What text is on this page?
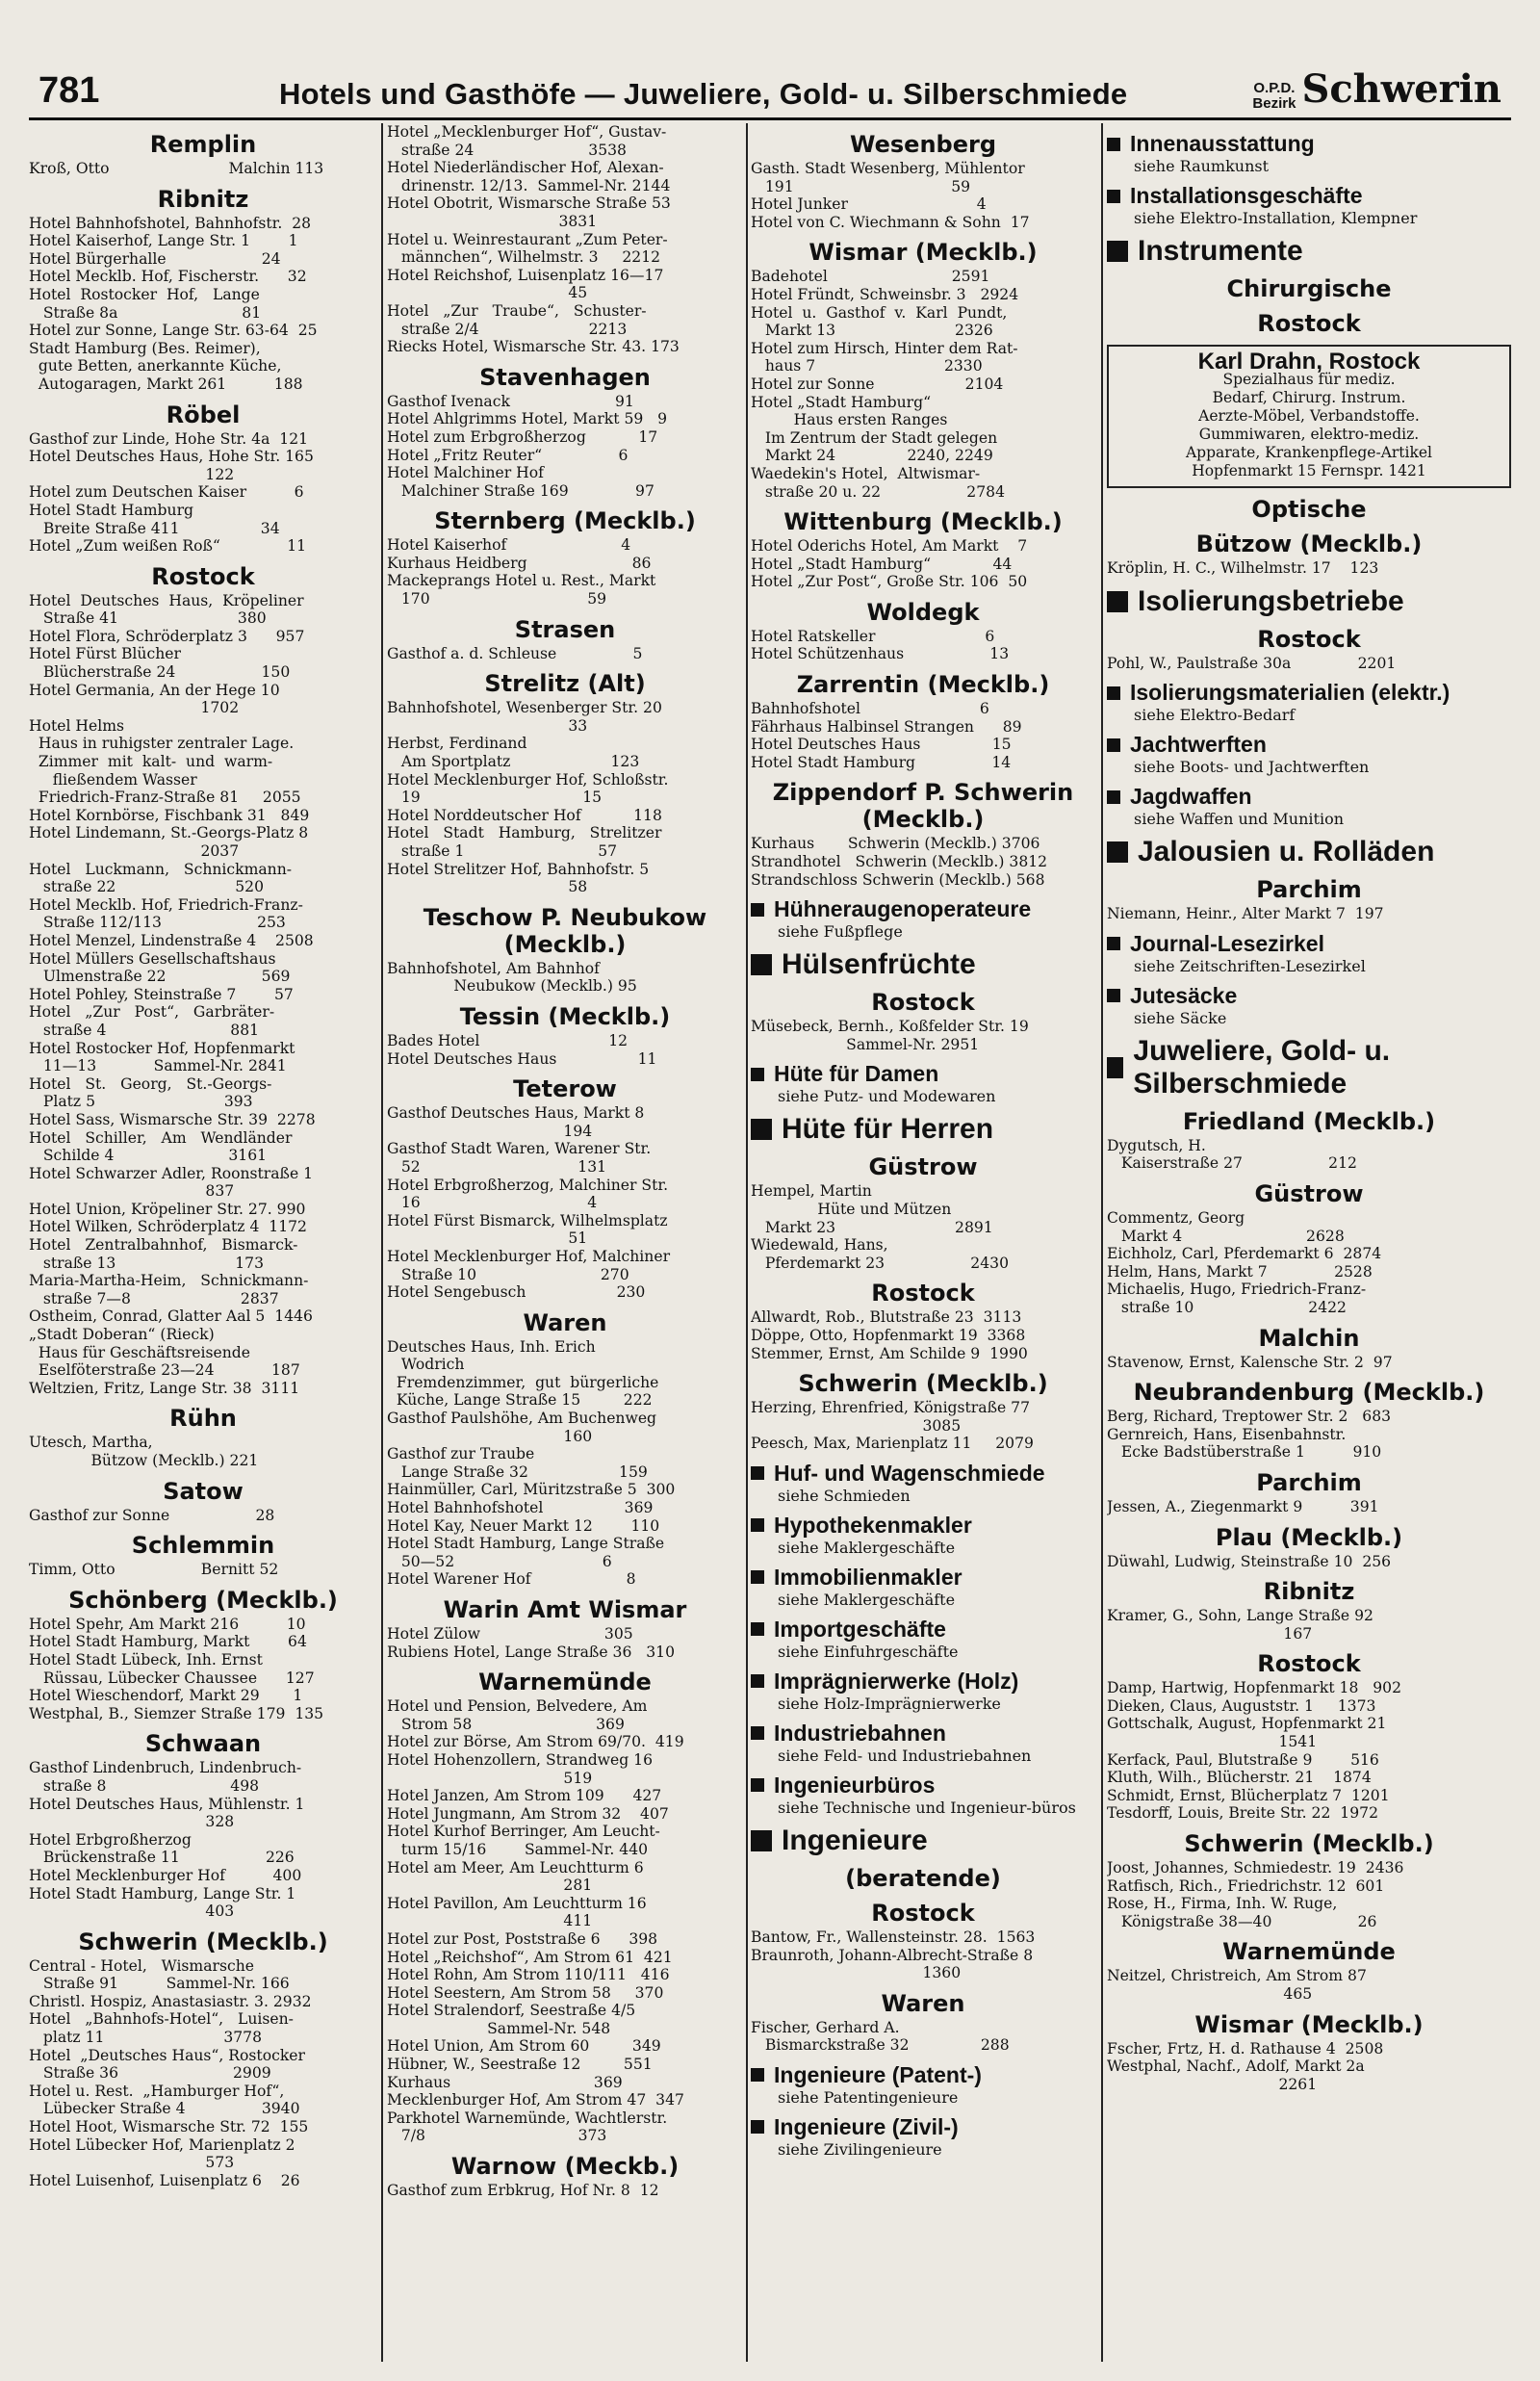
781	Hotels und Gasthöfe — Juweliere, Gold- u. Silberschmiede	O.P.D.
Bezirk Schwerin
Remplin
Kroß, Otto                         Malchin 113
Ribnitz
Hotel Bahnhofshotel, Bahnhofstr.  28
Hotel Kaiserhof, Lange Str. 1        1
Hotel Bürgerhalle                    24
Hotel Mecklb. Hof, Fischerstr.      32
Hotel  Rostocker  Hof,   Lange
Straße 8a                          81
Hotel zur Sonne, Lange Str. 63-64  25
Stadt Hamburg (Bes. Reimer),
gute Betten, anerkannte Küche,
Autogaragen, Markt 261          188
Röbel
Gasthof zur Linde, Hohe Str. 4a  121
Hotel Deutsches Haus, Hohe Str. 165
122
Hotel zum Deutschen Kaiser          6
Hotel Stadt Hamburg
Breite Straße 411                 34
Hotel „Zum weißen Roß“              11
Rostock
Hotel  Deutsches  Haus,  Kröpeliner
Straße 41                         380
Hotel Flora, Schröderplatz 3      957
Hotel Fürst Blücher
Blücherstraße 24                  150
Hotel Germania, An der Hege 10
1702
Hotel Helms
Haus in ruhigster zentraler Lage.
Zimmer  mit  kalt-  und  warm-
fließendem Wasser
Friedrich-Franz-Straße 81     2055
Hotel Kornbörse, Fischbank 31   849
Hotel Lindemann, St.-Georgs-Platz 8
2037
Hotel   Luckmann,   Schnickmann-
straße 22                         520
Hotel Mecklb. Hof, Friedrich-Franz-
Straße 112/113                    253
Hotel Menzel, Lindenstraße 4    2508
Hotel Müllers Gesellschaftshaus
Ulmenstraße 22                    569
Hotel Pohley, Steinstraße 7        57
Hotel   „Zur   Post“,   Garbräter-
straße 4                          881
Hotel Rostocker Hof, Hopfenmarkt
11—13            Sammel-Nr. 2841
Hotel   St.   Georg,   St.-Georgs-
Platz 5                           393
Hotel Sass, Wismarsche Str. 39  2278
Hotel   Schiller,   Am   Wendländer
Schilde 4                        3161
Hotel Schwarzer Adler, Roonstraße 1
837
Hotel Union, Kröpeliner Str. 27. 990
Hotel Wilken, Schröderplatz 4  1172
Hotel   Zentralbahnhof,   Bismarck-
straße 13                         173
Maria-Martha-Heim,   Schnickmann-
straße 7—8                       2837
Ostheim, Conrad, Glatter Aal 5  1446
„Stadt Doberan“ (Rieck)
Haus für Geschäftsreisende
Eselföterstraße 23—24            187
Weltzien, Fritz, Lange Str. 38  3111
Rühn
Utesch, Martha,
Bützow (Mecklb.) 221
Satow
Gasthof zur Sonne                  28
Schlemmin
Timm, Otto                  Bernitt 52
Schönberg (Mecklb.)
Hotel Spehr, Am Markt 216          10
Hotel Stadt Hamburg, Markt        64
Hotel Stadt Lübeck, Inh. Ernst
Rüssau, Lübecker Chaussee      127
Hotel Wieschendorf, Markt 29       1
Westphal, B., Siemzer Straße 179  135
Schwaan
Gasthof Lindenbruch, Lindenbruch-
straße 8                          498
Hotel Deutsches Haus, Mühlenstr. 1
328
Hotel Erbgroßherzog
Brückenstraße 11                  226
Hotel Mecklenburger Hof          400
Hotel Stadt Hamburg, Lange Str. 1
403
Schwerin (Mecklb.)
Central - Hotel,   Wismarsche
Straße 91          Sammel-Nr. 166
Christl. Hospiz, Anastasiastr. 3. 2932
Hotel   „Bahnhofs-Hotel“,   Luisen-
platz 11                         3778
Hotel  „Deutsches Haus“, Rostocker
Straße 36                        2909
Hotel u. Rest.  „Hamburger Hof“,
Lübecker Straße 4                3940
Hotel Hoot, Wismarsche Str. 72  155
Hotel Lübecker Hof, Marienplatz 2
573
Hotel Luisenhof, Luisenplatz 6    26
Hotel „Mecklenburger Hof“, Gustav-
straße 24                        3538
Hotel Niederländischer Hof, Alexan-
drinenstr. 12/13.  Sammel-Nr. 2144
Hotel Obotrit, Wismarsche Straße 53
3831
Hotel u. Weinrestaurant „Zum Peter-
männchen“, Wilhelmstr. 3     2212
Hotel Reichshof, Luisenplatz 16—17
45
Hotel   „Zur   Traube“,   Schuster-
straße 2/4                       2213
Riecks Hotel, Wismarsche Str. 43. 173
Stavenhagen
Gasthof Ivenack                      91
Hotel Ahlgrimms Hotel, Markt 59   9
Hotel zum Erbgroßherzog           17
Hotel „Fritz Reuter“                6
Hotel Malchiner Hof
Malchiner Straße 169              97
Sternberg (Mecklb.)
Hotel Kaiserhof                        4
Kurhaus Heidberg                      86
Mackeprangs Hotel u. Rest., Markt
170                                 59
Strasen
Gasthof a. d. Schleuse                5
Strelitz (Alt)
Bahnhofshotel, Wesenberger Str. 20
33
Herbst, Ferdinand
Am Sportplatz                     123
Hotel Mecklenburger Hof, Schloßstr.
19                                  15
Hotel Norddeutscher Hof           118
Hotel   Stadt   Hamburg,   Strelitzer
straße 1                            57
Hotel Strelitzer Hof, Bahnhofstr. 5
58
Teschow P. Neubukow (Mecklb.)
Bahnhofshotel, Am Bahnhof
Neubukow (Mecklb.) 95
Tessin (Mecklb.)
Bades Hotel                           12
Hotel Deutsches Haus                 11
Teterow
Gasthof Deutsches Haus, Markt 8
194
Gasthof Stadt Waren, Warener Str.
52                                 131
Hotel Erbgroßherzog, Malchiner Str.
16                                   4
Hotel Fürst Bismarck, Wilhelmsplatz
51
Hotel Mecklenburger Hof, Malchiner
Straße 10                          270
Hotel Sengebusch                   230
Waren
Deutsches Haus, Inh. Erich
Wodrich
Fremdenzimmer,  gut  bürgerliche
Küche, Lange Straße 15         222
Gasthof Paulshöhe, Am Buchenweg
160
Gasthof zur Traube
Lange Straße 32                   159
Hainmüller, Carl, Müritzstraße 5  300
Hotel Bahnhofshotel                 369
Hotel Kay, Neuer Markt 12        110
Hotel Stadt Hamburg, Lange Straße
50—52                               6
Hotel Warener Hof                    8
Warin Amt Wismar
Hotel Zülow                          305
Rubiens Hotel, Lange Straße 36   310
Warnemünde
Hotel und Pension, Belvedere, Am
Strom 58                          369
Hotel zur Börse, Am Strom 69/70.  419
Hotel Hohenzollern, Strandweg 16
519
Hotel Janzen, Am Strom 109      427
Hotel Jungmann, Am Strom 32    407
Hotel Kurhof Berringer, Am Leucht-
turm 15/16        Sammel-Nr. 440
Hotel am Meer, Am Leuchtturm 6
281
Hotel Pavillon, Am Leuchtturm 16
411
Hotel zur Post, Poststraße 6      398
Hotel „Reichshof“, Am Strom 61  421
Hotel Rohn, Am Strom 110/111   416
Hotel Seestern, Am Strom 58     370
Hotel Stralendorf, Seestraße 4/5
Sammel-Nr. 548
Hotel Union, Am Strom 60         349
Hübner, W., Seestraße 12         551
Kurhaus                              369
Mecklenburger Hof, Am Strom 47  347
Parkhotel Warnemünde, Wachtlerstr.
7/8                                373
Warnow (Meckb.)
Gasthof zum Erbkrug, Hof Nr. 8  12
Wesenberg
Gasth. Stadt Wesenberg, Mühlentor
191                                 59
Hotel Junker                           4
Hotel von C. Wiechmann & Sohn  17
Wismar (Mecklb.)
Badehotel                          2591
Hotel Fründt, Schweinsbr. 3   2924
Hotel  u.  Gasthof  v.  Karl  Pundt,
Markt 13                         2326
Hotel zum Hirsch, Hinter dem Rat-
haus 7                           2330
Hotel zur Sonne                   2104
Hotel „Stadt Hamburg“
Haus ersten Ranges
Im Zentrum der Stadt gelegen
Markt 24               2240, 2249
Waedekin's Hotel,  Altwismar-
straße 20 u. 22                  2784
Wittenburg (Mecklb.)
Hotel Oderichs Hotel, Am Markt    7
Hotel „Stadt Hamburg“             44
Hotel „Zur Post“, Große Str. 106  50
Woldegk
Hotel Ratskeller                       6
Hotel Schützenhaus                  13
Zarrentin (Mecklb.)
Bahnhofshotel                         6
Fährhaus Halbinsel Strangen      89
Hotel Deutsches Haus               15
Hotel Stadt Hamburg                14
Zippendorf P. Schwerin (Mecklb.)
Kurhaus       Schwerin (Mecklb.) 3706
Strandhotel   Schwerin (Mecklb.) 3812
Strandschloss Schwerin (Mecklb.) 568
Hühneraugenoperateure
siehe Fußpflege
Hülsenfrüchte
Rostock
Müsebeck, Bernh., Koßfelder Str. 19
Sammel-Nr. 2951
Hüte für Damen
siehe Putz- und Modewaren
Hüte für Herren
Güstrow
Hempel, Martin
Hüte und Mützen
Markt 23                         2891
Wiedewald, Hans,
Pferdemarkt 23                  2430
Rostock
Allwardt, Rob., Blutstraße 23  3113
Döppe, Otto, Hopfenmarkt 19  3368
Stemmer, Ernst, Am Schilde 9  1990
Schwerin (Mecklb.)
Herzing, Ehrenfried, Königstraße 77
3085
Peesch, Max, Marienplatz 11     2079
Huf- und Wagenschmiede
siehe Schmieden
Hypothekenmakler
siehe Maklergeschäfte
Immobilienmakler
siehe Maklergeschäfte
Importgeschäfte
siehe Einfuhrgeschäfte
Imprägnierwerke (Holz)
siehe Holz-Imprägnierwerke
Industriebahnen
siehe Feld- und Industriebahnen
Ingenieurbüros
siehe Technische und Ingenieur-büros
Ingenieure
(beratende)
Rostock
Bantow, Fr., Wallensteinstr. 28.  1563
Braunroth, Johann-Albrecht-Straße 8
1360
Waren
Fischer, Gerhard A.
Bismarckstraße 32               288
Ingenieure (Patent-)
siehe Patentingenieure
Ingenieure (Zivil-)
siehe Zivilingenieure
Innenausstattung
siehe Raumkunst
Installationsgeschäfte
siehe Elektro-Installation, Klempner
Instrumente
Chirurgische
Rostock
Karl Drahn, Rostock
Spezialhaus für mediz.
Bedarf, Chirurg. Instrum.
Aerzte-Möbel, Verbandstoffe.
Gummiwaren, elektro-mediz.
Apparate, Krankenpflege-Artikel
Hopfenmarkt 15 Fernspr. 1421
Optische
Bützow (Mecklb.)
Kröplin, H. C., Wilhelmstr. 17    123
Isolierungsbetriebe
Rostock
Pohl, W., Paulstraße 30a              2201
Isolierungsmaterialien (elektr.)
siehe Elektro-Bedarf
Jachtwerften
siehe Boots- und Jachtwerften
Jagdwaffen
siehe Waffen und Munition
Jalousien u. Rolläden
Parchim
Niemann, Heinr., Alter Markt 7  197
Journal-Lesezirkel
siehe Zeitschriften-Lesezirkel
Jutesäcke
siehe Säcke
Juweliere, Gold- u. Silberschmiede
Friedland (Mecklb.)
Dygutsch, H.
Kaiserstraße 27                  212
Güstrow
Commentz, Georg
Markt 4                          2628
Eichholz, Carl, Pferdemarkt 6  2874
Helm, Hans, Markt 7              2528
Michaelis, Hugo, Friedrich-Franz-
straße 10                        2422
Malchin
Stavenow, Ernst, Kalensche Str. 2  97
Neubrandenburg (Mecklb.)
Berg, Richard, Treptower Str. 2   683
Gernreich, Hans, Eisenbahnstr.
Ecke Badstüberstraße 1          910
Parchim
Jessen, A., Ziegenmarkt 9          391
Plau (Mecklb.)
Düwahl, Ludwig, Steinstraße 10  256
Ribnitz
Kramer, G., Sohn, Lange Straße 92
167
Rostock
Damp, Hartwig, Hopfenmarkt 18   902
Dieken, Claus, Auguststr. 1     1373
Gottschalk, August, Hopfenmarkt 21
1541
Kerfack, Paul, Blutstraße 9        516
Kluth, Wilh., Blücherstr. 21    1874
Schmidt, Ernst, Blücherplatz 7  1201
Tesdorff, Louis, Breite Str. 22  1972
Schwerin (Mecklb.)
Joost, Johannes, Schmiedestr. 19  2436
Ratfisch, Rich., Friedrichstr. 12  601
Rose, H., Firma, Inh. W. Ruge,
Königstraße 38—40                  26
Warnemünde
Neitzel, Christreich, Am Strom 87
465
Wismar (Mecklb.)
Fscher, Frtz, H. d. Rathause 4  2508
Westphal, Nachf., Adolf, Markt 2a
2261
